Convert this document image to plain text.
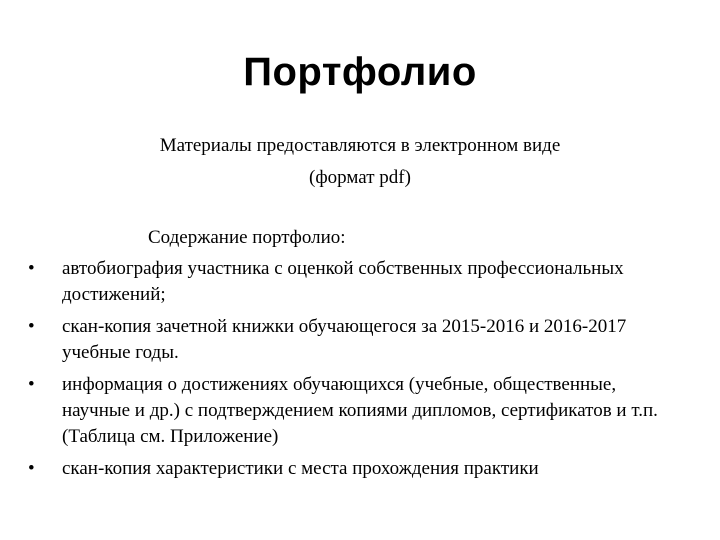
Портфолио
Материалы предоставляются в электронном виде
(формат pdf)
Содержание портфолио:
•	автобиография участника с оценкой собственных профессиональных достижений;
•	скан-копия зачетной книжки обучающегося за 2015-2016 и 2016-2017 учебные годы.
•	информация о достижениях обучающихся (учебные, общественные, научные и др.) с подтверждением копиями дипломов, сертификатов и т.п. (Таблица см. Приложение)
•	скан-копия характеристики с места прохождения практики
